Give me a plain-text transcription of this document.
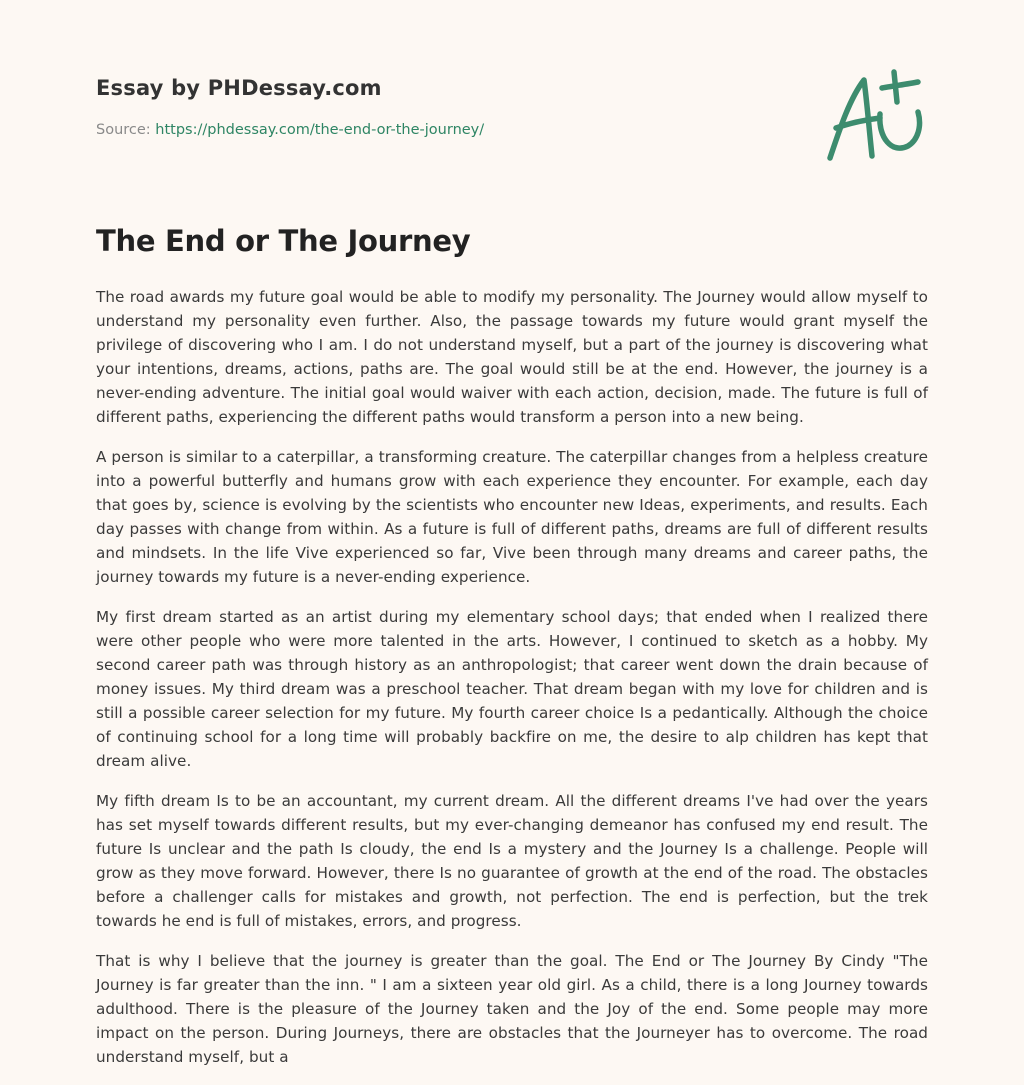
Essay by PHDessay.com
Source: https://phdessay.com/the-end-or-the-journey/
The End or The Journey

The road awards my future goal would be able to modify my personality. The Journey would allow myself to understand my personality even further. Also, the passage towards my future would grant myself the privilege of discovering who I am. I do not understand myself, but a part of the journey is discovering what your intentions, dreams, actions, paths are. The goal would still be at the end. However, the journey is a never-ending adventure. The initial goal would waiver with each action, decision, made. The future is full of different paths, experiencing the different paths would transform a person into a new being.

A person is similar to a caterpillar, a transforming creature. The caterpillar changes from a helpless creature into a powerful butterfly and humans grow with each experience they encounter. For example, each day that goes by, science is evolving by the scientists who encounter new Ideas, experiments, and results. Each day passes with change from within. As a future is full of different paths, dreams are full of different results and mindsets. In the life Vive experienced so far, Vive been through many dreams and career paths, the journey towards my future is a never-ending experience.

My first dream started as an artist during my elementary school days; that ended when I realized there were other people who were more talented in the arts. However, I continued to sketch as a hobby. My second career path was through history as an anthropologist; that career went down the drain because of money issues. My third dream was a preschool teacher. That dream began with my love for children and is still a possible career selection for my future. My fourth career choice Is a pedantically. Although the choice of continuing school for a long time will probably backfire on me, the desire to alp children has kept that dream alive.

My fifth dream Is to be an accountant, my current dream. All the different dreams I've had over the years has set myself towards different results, but my ever-changing demeanor has confused my end result. The future Is unclear and the path Is cloudy, the end Is a mystery and the Journey Is a challenge. People will grow as they move forward. However, there Is no guarantee of growth at the end of the road. The obstacles before a challenger calls for mistakes and growth, not perfection. The end is perfection, but the trek towards he end is full of mistakes, errors, and progress.

That is why I believe that the journey is greater than the goal. The End or The Journey By Cindy "The Journey is far greater than the inn. " I am a sixteen year old girl. As a child, there is a long Journey towards adulthood. There is the pleasure of the Journey taken and the Joy of the end. Some people may more impact on the person. During Journeys, there are obstacles that the Journeyer has to overcome. The road understand myself, but a
